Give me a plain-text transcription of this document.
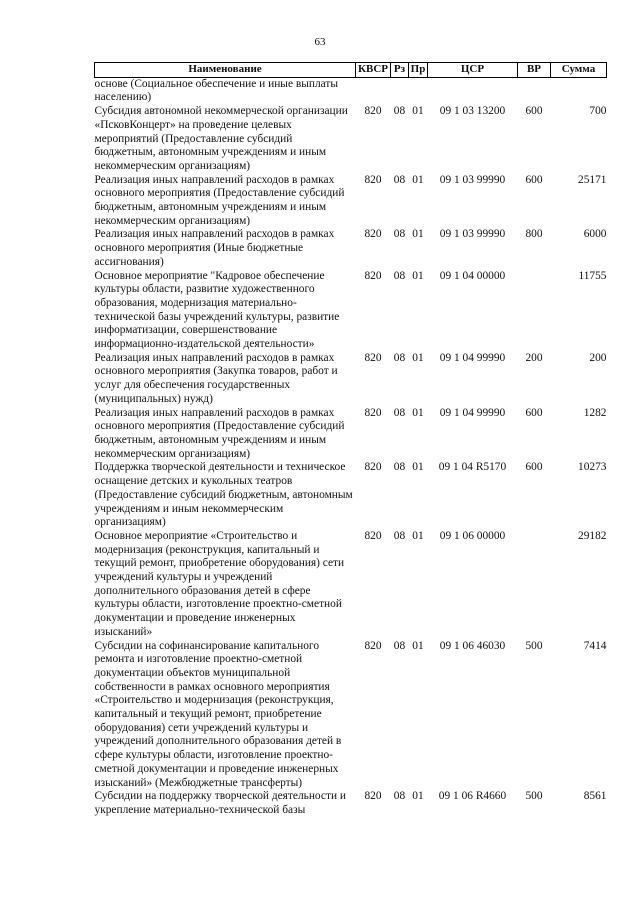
63
Наименование	КВСР	Рз	Пр	ЦСР	ВР	Сумма
основе (Социальное обеспечение и иные выплаты населению)						
Субсидия автономной некоммерческой организации «ПсковКонцерт» на проведение целевых мероприятий (Предоставление субсидий бюджетным, автономным учреждениям и иным некоммерческим организациям)	820	08	01	09 1 03 13200	600	700
Реализация иных направлений расходов в рамках основного мероприятия (Предоставление субсидий бюджетным, автономным учреждениям и иным некоммерческим организациям)	820	08	01	09 1 03 99990	600	25171
Реализация иных направлений расходов в рамках основного мероприятия (Иные бюджетные ассигнования)	820	08	01	09 1 03 99990	800	6000
Основное мероприятие "Кадровое обеспечение культуры области, развитие художественного образования, модернизация материально-технической базы учреждений культуры, развитие информатизации, совершенствование информационно-издательской деятельности»	820	08	01	09 1 04 00000		11755
Реализация иных направлений расходов в рамках основного мероприятия (Закупка товаров, работ и услуг для обеспечения государственных (муниципальных) нужд)	820	08	01	09 1 04 99990	200	200
Реализация иных направлений расходов в рамках основного мероприятия (Предоставление субсидий бюджетным, автономным учреждениям и иным некоммерческим организациям)	820	08	01	09 1 04 99990	600	1282
Поддержка творческой деятельности и техническое оснащение детских и кукольных театров (Предоставление субсидий бюджетным, автономным учреждениям и иным некоммерческим организациям)	820	08	01	09 1 04 R5170	600	10273
Основное мероприятие «Строительство и модернизация (реконструкция, капитальный и текущий ремонт, приобретение оборудования) сети учреждений культуры и учреждений дополнительного образования детей в сфере культуры области, изготовление проектно-сметной документации и проведение инженерных изысканий»	820	08	01	09 1 06 00000		29182
Субсидии на софинансирование капитального ремонта и изготовление проектно-сметной документации объектов муниципальной собственности в рамках основного мероприятия «Строительство и модернизация (реконструкция, капитальный и текущий ремонт, приобретение оборудования) сети учреждений культуры и учреждений дополнительного образования детей в сфере культуры области, изготовление проектно-сметной документации и проведение инженерных изысканий» (Межбюджетные трансферты)	820	08	01	09 1 06 46030	500	7414
Субсидии на поддержку творческой деятельности и укрепление материально-технической базы	820	08	01	09 1 06 R4660	500	8561
